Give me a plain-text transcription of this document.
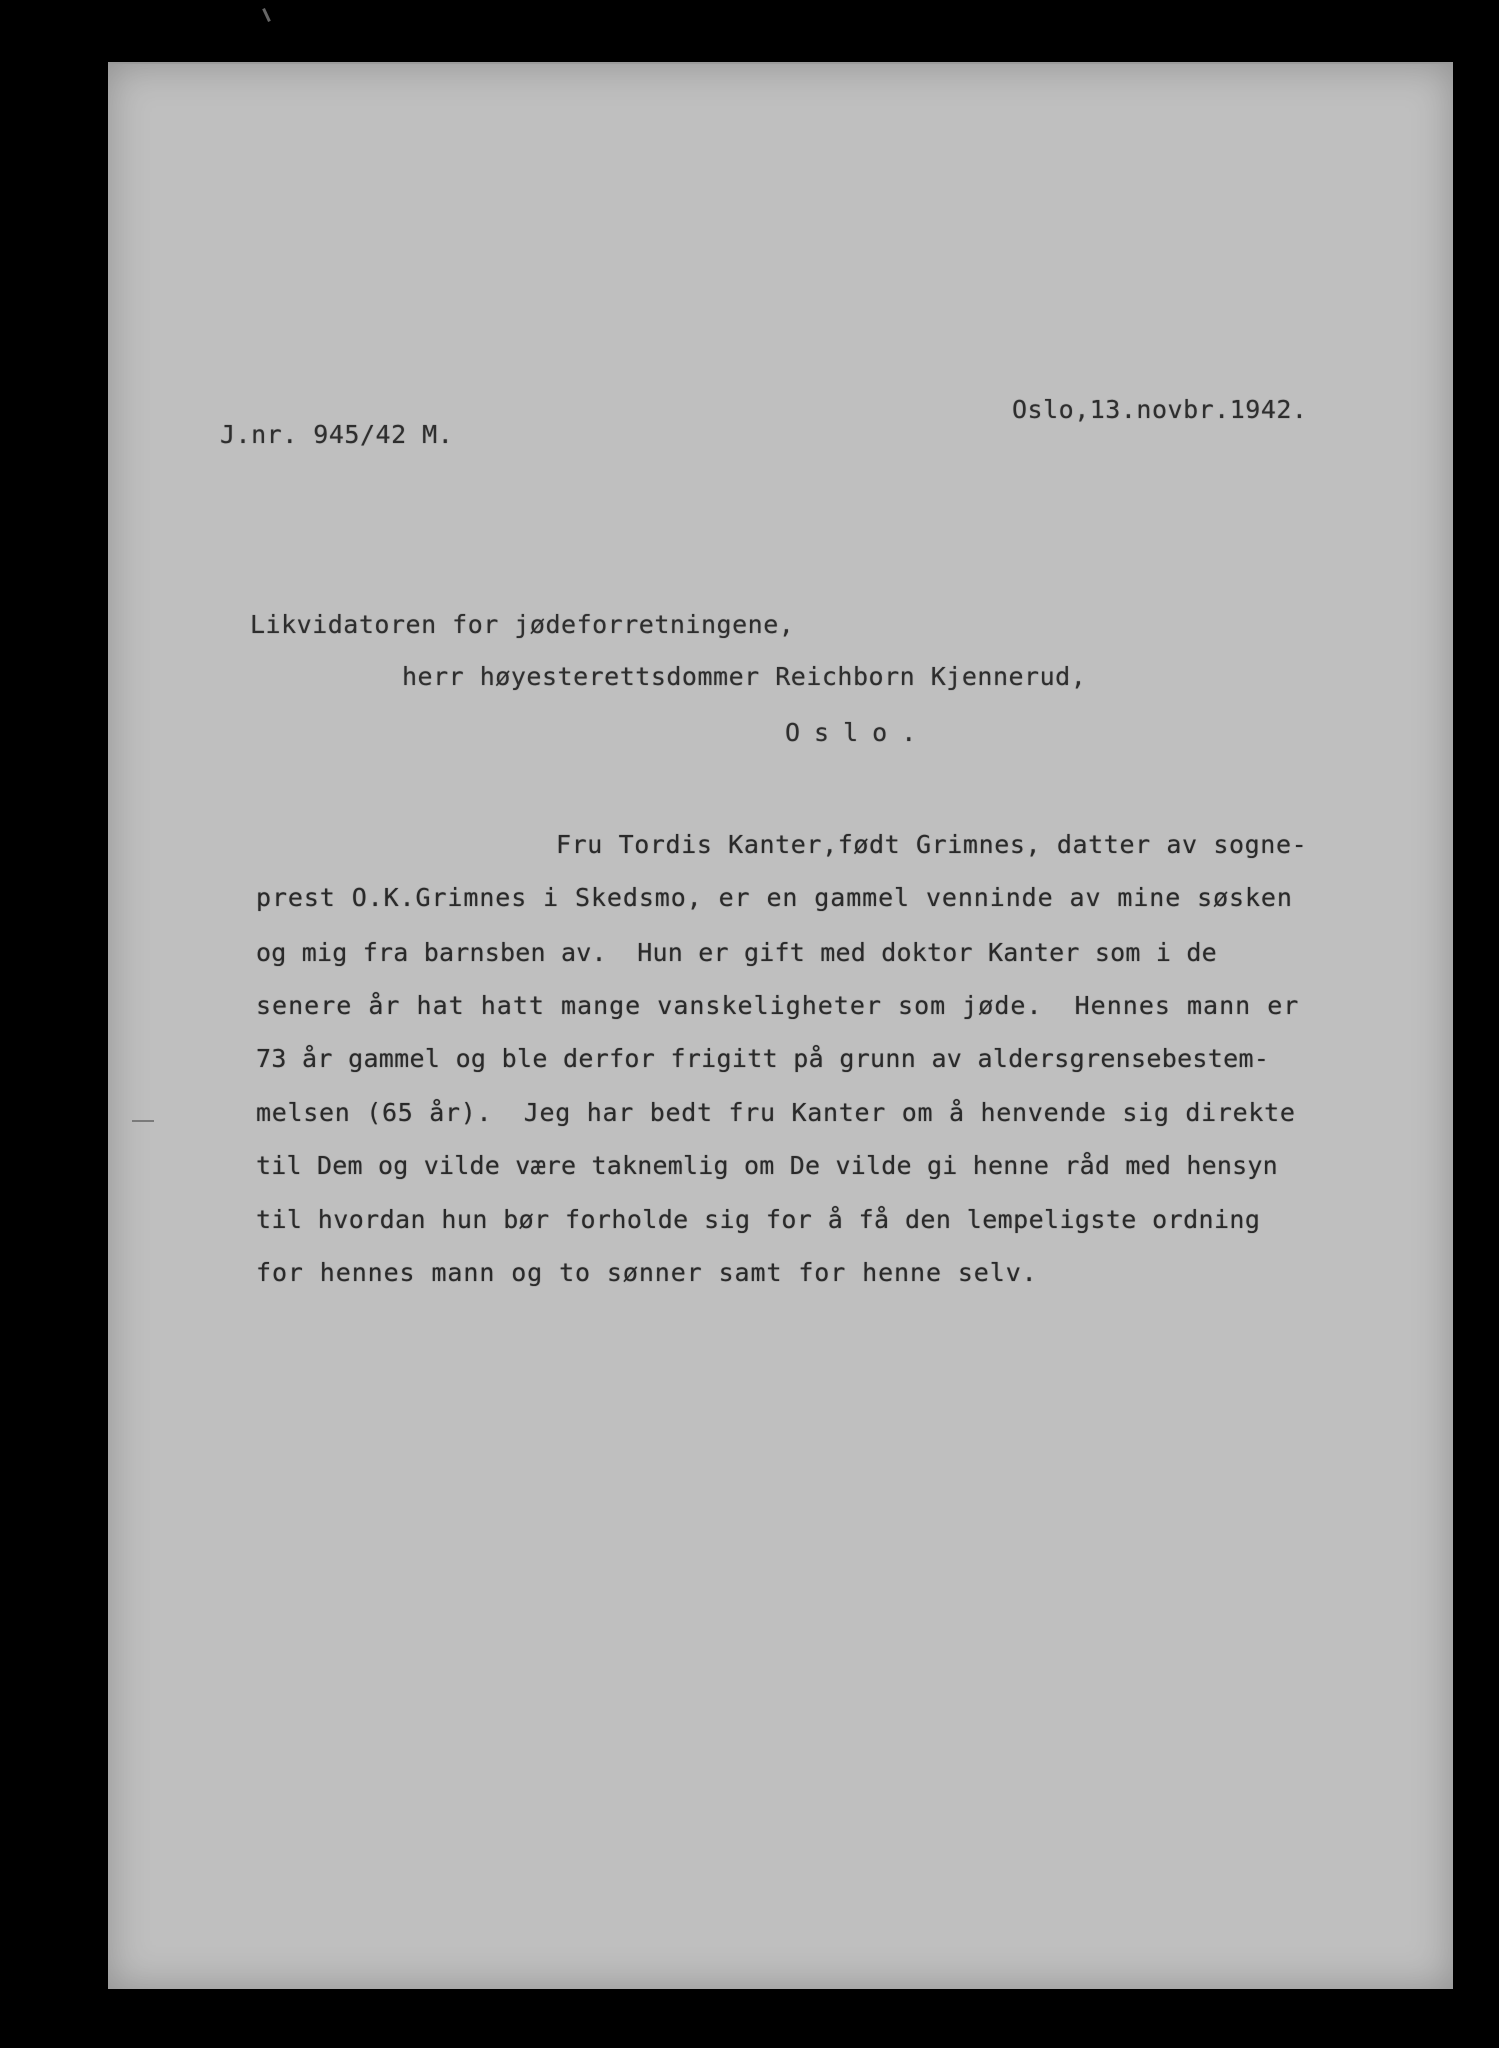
Oslo,13.novbr.1942.
J.nr. 945/42 M.
Likvidatoren for jødeforretningene,
herr høyesterettsdommer Reichborn Kjennerud,
Oslo.
Fru Tordis Kanter,født Grimnes, datter av sogne-
prest O.K.Grimnes i Skedsmo, er en gammel venninde av mine søsken
og mig fra barnsben av.  Hun er gift med doktor Kanter som i de
senere år hat hatt mange vanskeligheter som jøde.  Hennes mann er
73 år gammel og ble derfor frigitt på grunn av aldersgrensebestem-
melsen (65 år).  Jeg har bedt fru Kanter om å henvende sig direkte
til Dem og vilde være taknemlig om De vilde gi henne råd med hensyn
til hvordan hun bør forholde sig for å få den lempeligste ordning
for hennes mann og to sønner samt for henne selv.
